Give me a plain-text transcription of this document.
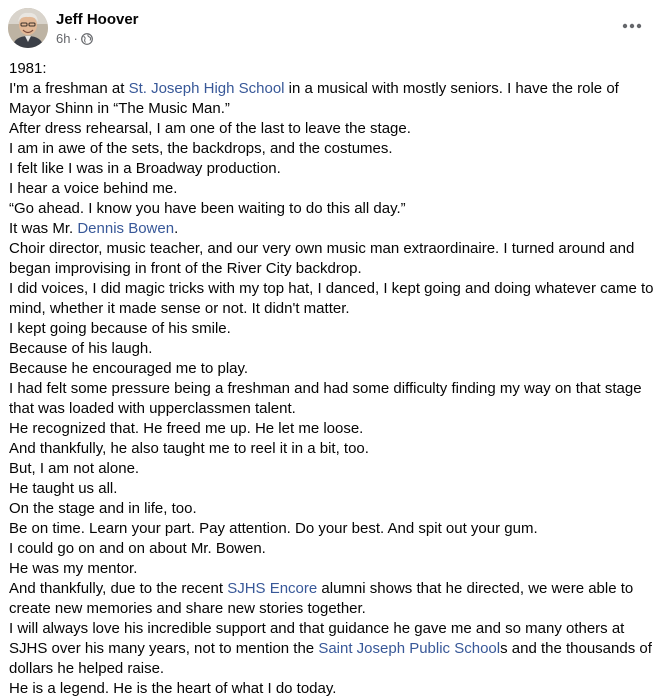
Jeff Hoover
6h ·
1981:
I'm a freshman at St. Joseph High School in a musical with mostly seniors. I have the role of
Mayor Shinn in “The Music Man.”
After dress rehearsal, I am one of the last to leave the stage.
I am in awe of the sets, the backdrops, and the costumes.
I felt like I was in a Broadway production.
I hear a voice behind me.
“Go ahead. I know you have been waiting to do this all day.”
It was Mr. Dennis Bowen.
Choir director, music teacher, and our very own music man extraordinaire. I turned around and
began improvising in front of the River City backdrop.
I did voices, I did magic tricks with my top hat, I danced, I kept going and doing whatever came to
mind, whether it made sense or not. It didn't matter.
I kept going because of his smile.
Because of his laugh.
Because he encouraged me to play.
I had felt some pressure being a freshman and had some difficulty finding my way on that stage
that was loaded with upperclassmen talent.
He recognized that. He freed me up. He let me loose.
And thankfully, he also taught me to reel it in a bit, too.
But, I am not alone.
He taught us all.
On the stage and in life, too.
Be on time. Learn your part. Pay attention. Do your best. And spit out your gum.
I could go on and on about Mr. Bowen.
He was my mentor.
And thankfully, due to the recent SJHS Encore alumni shows that he directed, we were able to
create new memories and share new stories together.
I will always love his incredible support and that guidance he gave me and so many others at
SJHS over his many years, not to mention the Saint Joseph Public Schools and the thousands of
dollars he helped raise.
He is a legend. He is the heart of what I do today.
